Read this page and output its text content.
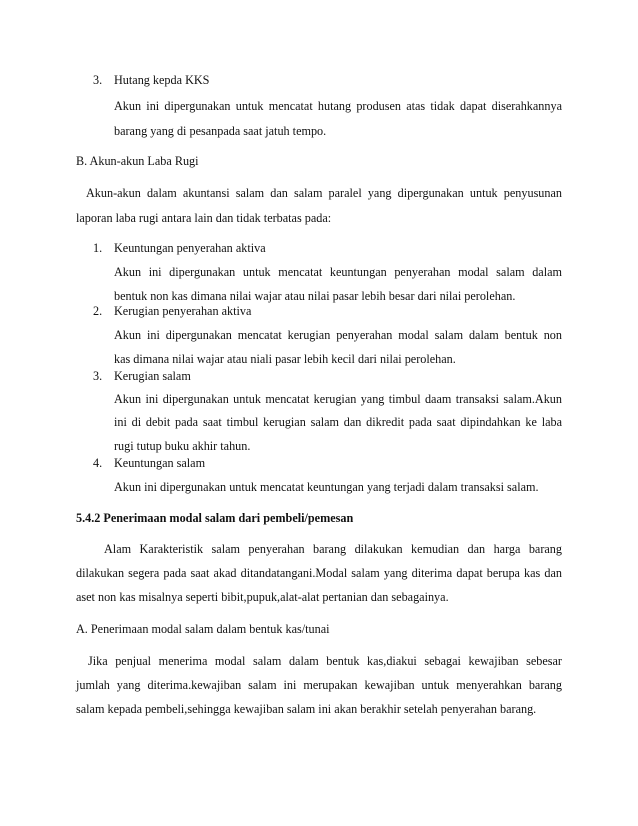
3. Hutang kepda KKS
Akun ini dipergunakan untuk mencatat hutang produsen atas tidak dapat diserahkannya
barang yang di pesanpada saat jatuh tempo.
B. Akun-akun Laba Rugi
Akun-akun dalam akuntansi salam dan salam paralel yang dipergunakan untuk penyusunan
laporan laba rugi antara lain dan tidak terbatas pada:
1. Keuntungan penyerahan aktiva
Akun ini dipergunakan untuk mencatat keuntungan penyerahan modal salam dalam
bentuk non kas dimana nilai wajar atau nilai pasar lebih besar dari nilai perolehan.
2. Kerugian penyerahan aktiva
Akun ini dipergunakan mencatat kerugian penyerahan modal salam dalam bentuk non
kas dimana nilai wajar atau niali pasar lebih kecil dari nilai perolehan.
3. Kerugian salam
Akun ini dipergunakan untuk mencatat kerugian yang timbul daam transaksi salam.Akun
ini di debit pada saat timbul kerugian salam dan dikredit pada saat dipindahkan ke laba
rugi tutup buku akhir tahun.
4. Keuntungan salam
Akun ini dipergunakan untuk mencatat keuntungan yang terjadi dalam transaksi salam.
5.4.2 Penerimaan modal salam dari pembeli/pemesan
Alam Karakteristik salam penyerahan barang dilakukan kemudian dan harga barang
dilakukan segera pada saat akad ditandatangani.Modal salam yang diterima dapat berupa kas dan
aset non kas misalnya seperti bibit,pupuk,alat-alat pertanian dan sebagainya.
A. Penerimaan modal salam dalam bentuk kas/tunai
Jika penjual menerima modal salam dalam bentuk kas,diakui sebagai kewajiban sebesar
jumlah yang diterima.kewajiban salam ini merupakan kewajiban untuk menyerahkan barang
salam kepada pembeli,sehingga kewajiban salam ini akan berakhir setelah penyerahan barang.
